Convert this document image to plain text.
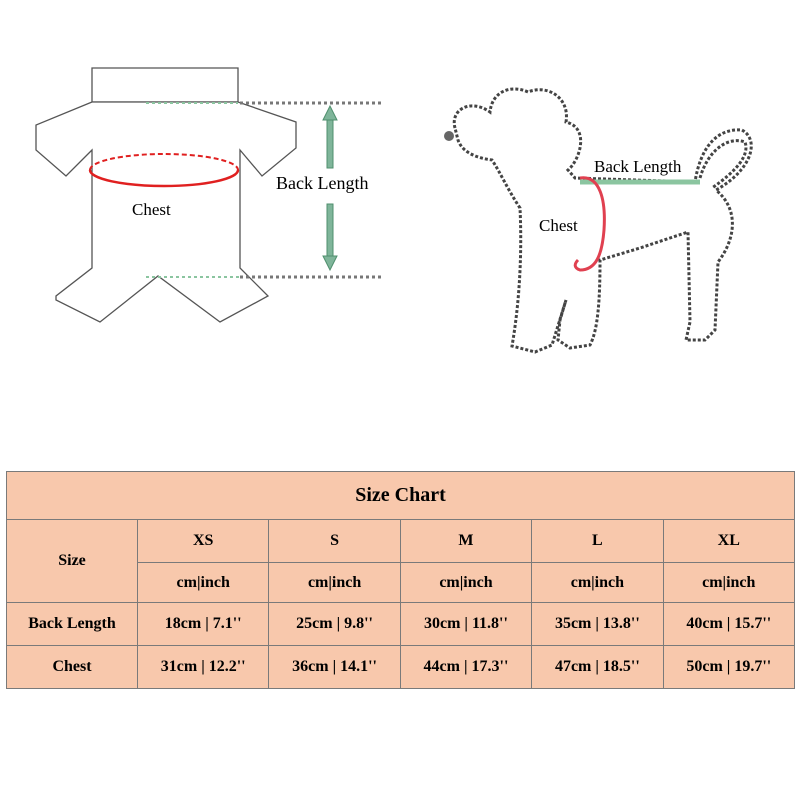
Chest
Back Length
Back Length
Chest
Size Chart					
Size	XS	S	M	L	XL
	cm|inch	cm|inch	cm|inch	cm|inch	cm|inch
Back Length	18cm | 7.1''	25cm | 9.8''	30cm | 11.8''	35cm | 13.8''	40cm | 15.7''
Chest	31cm | 12.2''	36cm | 14.1''	44cm | 17.3''	47cm | 18.5''	50cm | 19.7''
